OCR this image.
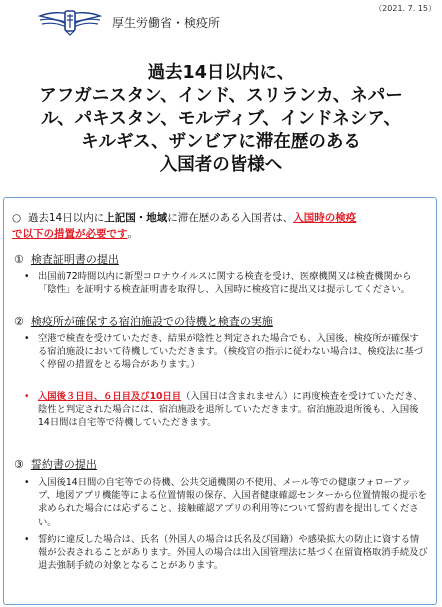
厚生労働省・検疫所
（2021. 7. 15）
過去14日以内に、
アフガニスタン、インド、スリランカ、ネパー
ル、パキスタン、モルディブ、インドネシア、
キルギス、ザンビアに滞在歴のある
入国者の皆様へ
○ 過去14日以内に上記国・地域に滞在歴のある入国者は、入国時の検疫
で以下の措置が必要です。
① 検査証明書の提出
• 出国前72時間以内に新型コロナウイルスに関する検査を受け、医療機関又は検査機関から「陰性」を証明する検査証明書を取得し、入国時に検疫官に提出又は提示してください。
② 検疫所が確保する宿泊施設での待機と検査の実施
• 空港で検査を受けていただき、結果が陰性と判定された場合でも、入国後、検疫所が確保する宿泊施設において待機していただきます。（検疫官の指示に従わない場合は、検疫法に基づく停留の措置をとる場合があります。）
• 入国後３日目、６日目及び10日目（入国日は含まれません）に再度検査を受けていただき、陰性と判定された場合には、宿泊施設を退所していただきます。宿泊施設退所後も、入国後14日間は自宅等で待機していただきます。
③ 誓約書の提出
• 入国後14日間の自宅等での待機、公共交通機関の不使用、メール等での健康フォローアップ、地図アプリ機能等による位置情報の保存、入国者健康確認センターから位置情報の提示を求められた場合には応ずること、接触確認アプリの利用等について誓約書を提出してください。
• 誓約に違反した場合は、氏名（外国人の場合は氏名及び国籍）や感染拡大の防止に資する情報が公表されることがあります。外国人の場合は出入国管理法に基づく在留資格取消手続及び退去強制手続の対象となることがあります。
